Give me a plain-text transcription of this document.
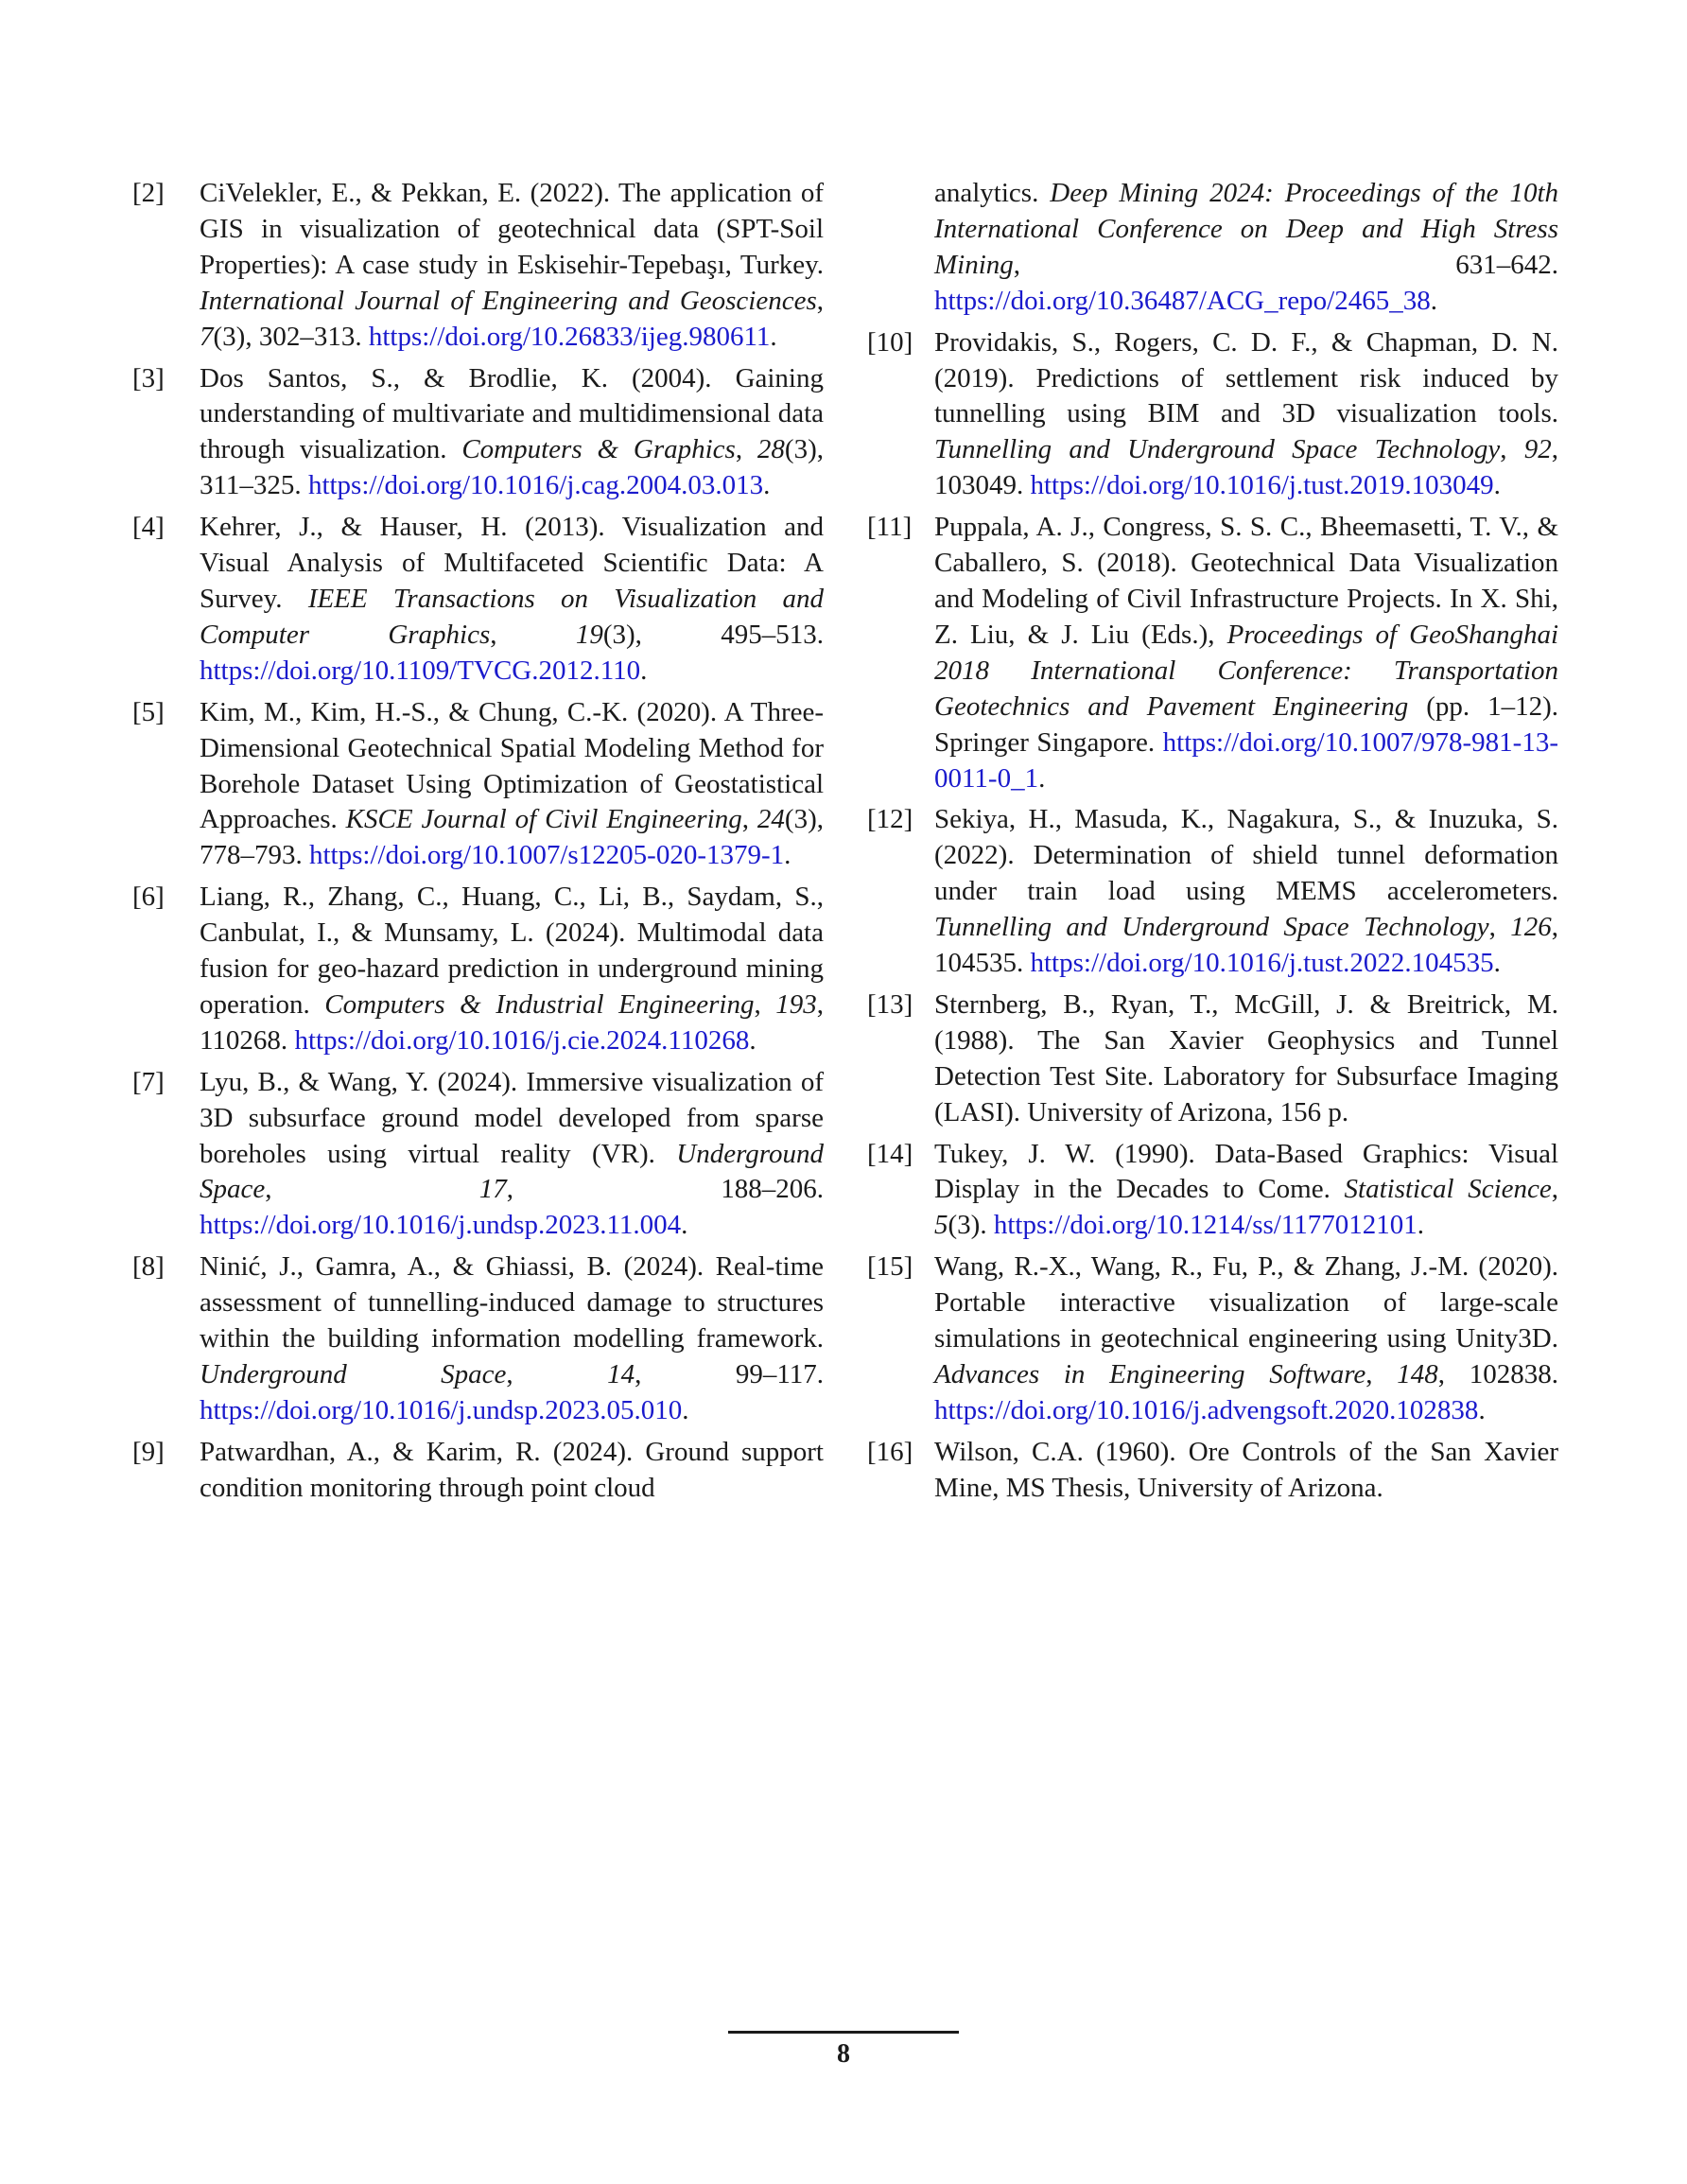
[2] CiVelekler, E., & Pekkan, E. (2022). The application of GIS in visualization of geotechnical data (SPT-Soil Properties): A case study in Eskisehir-Tepebaşı, Turkey. International Journal of Engineering and Geosciences, 7(3), 302–313. https://doi.org/10.26833/ijeg.980611.
[3] Dos Santos, S., & Brodlie, K. (2004). Gaining understanding of multivariate and multidimensional data through visualization. Computers & Graphics, 28(3), 311–325. https://doi.org/10.1016/j.cag.2004.03.013.
[4] Kehrer, J., & Hauser, H. (2013). Visualization and Visual Analysis of Multifaceted Scientific Data: A Survey. IEEE Transactions on Visualization and Computer Graphics, 19(3), 495–513. https://doi.org/10.1109/TVCG.2012.110.
[5] Kim, M., Kim, H.-S., & Chung, C.-K. (2020). A Three-Dimensional Geotechnical Spatial Modeling Method for Borehole Dataset Using Optimization of Geostatistical Approaches. KSCE Journal of Civil Engineering, 24(3), 778–793. https://doi.org/10.1007/s12205-020-1379-1.
[6] Liang, R., Zhang, C., Huang, C., Li, B., Saydam, S., Canbulat, I., & Munsamy, L. (2024). Multimodal data fusion for geo-hazard prediction in underground mining operation. Computers & Industrial Engineering, 193, 110268. https://doi.org/10.1016/j.cie.2024.110268.
[7] Lyu, B., & Wang, Y. (2024). Immersive visualization of 3D subsurface ground model developed from sparse boreholes using virtual reality (VR). Underground Space, 17, 188–206. https://doi.org/10.1016/j.undsp.2023.11.004.
[8] Ninić, J., Gamra, A., & Ghiassi, B. (2024). Real-time assessment of tunnelling-induced damage to structures within the building information modelling framework. Underground Space, 14, 99–117. https://doi.org/10.1016/j.undsp.2023.05.010.
[9] Patwardhan, A., & Karim, R. (2024). Ground support condition monitoring through point cloud
analytics. Deep Mining 2024: Proceedings of the 10th International Conference on Deep and High Stress Mining, 631–642. https://doi.org/10.36487/ACG_repo/2465_38.
[10] Providakis, S., Rogers, C. D. F., & Chapman, D. N. (2019). Predictions of settlement risk induced by tunnelling using BIM and 3D visualization tools. Tunnelling and Underground Space Technology, 92, 103049. https://doi.org/10.1016/j.tust.2019.103049.
[11] Puppala, A. J., Congress, S. S. C., Bheemasetti, T. V., & Caballero, S. (2018). Geotechnical Data Visualization and Modeling of Civil Infrastructure Projects. In X. Shi, Z. Liu, & J. Liu (Eds.), Proceedings of GeoShanghai 2018 International Conference: Transportation Geotechnics and Pavement Engineering (pp. 1–12). Springer Singapore. https://doi.org/10.1007/978-981-13-0011-0_1.
[12] Sekiya, H., Masuda, K., Nagakura, S., & Inuzuka, S. (2022). Determination of shield tunnel deformation under train load using MEMS accelerometers. Tunnelling and Underground Space Technology, 126, 104535. https://doi.org/10.1016/j.tust.2022.104535.
[13] Sternberg, B., Ryan, T., McGill, J. & Breitrick, M. (1988). The San Xavier Geophysics and Tunnel Detection Test Site. Laboratory for Subsurface Imaging (LASI). University of Arizona, 156 p.
[14] Tukey, J. W. (1990). Data-Based Graphics: Visual Display in the Decades to Come. Statistical Science, 5(3). https://doi.org/10.1214/ss/1177012101.
[15] Wang, R.-X., Wang, R., Fu, P., & Zhang, J.-M. (2020). Portable interactive visualization of large-scale simulations in geotechnical engineering using Unity3D. Advances in Engineering Software, 148, 102838. https://doi.org/10.1016/j.advengsoft.2020.102838.
[16] Wilson, C.A. (1960). Ore Controls of the San Xavier Mine, MS Thesis, University of Arizona.
8
